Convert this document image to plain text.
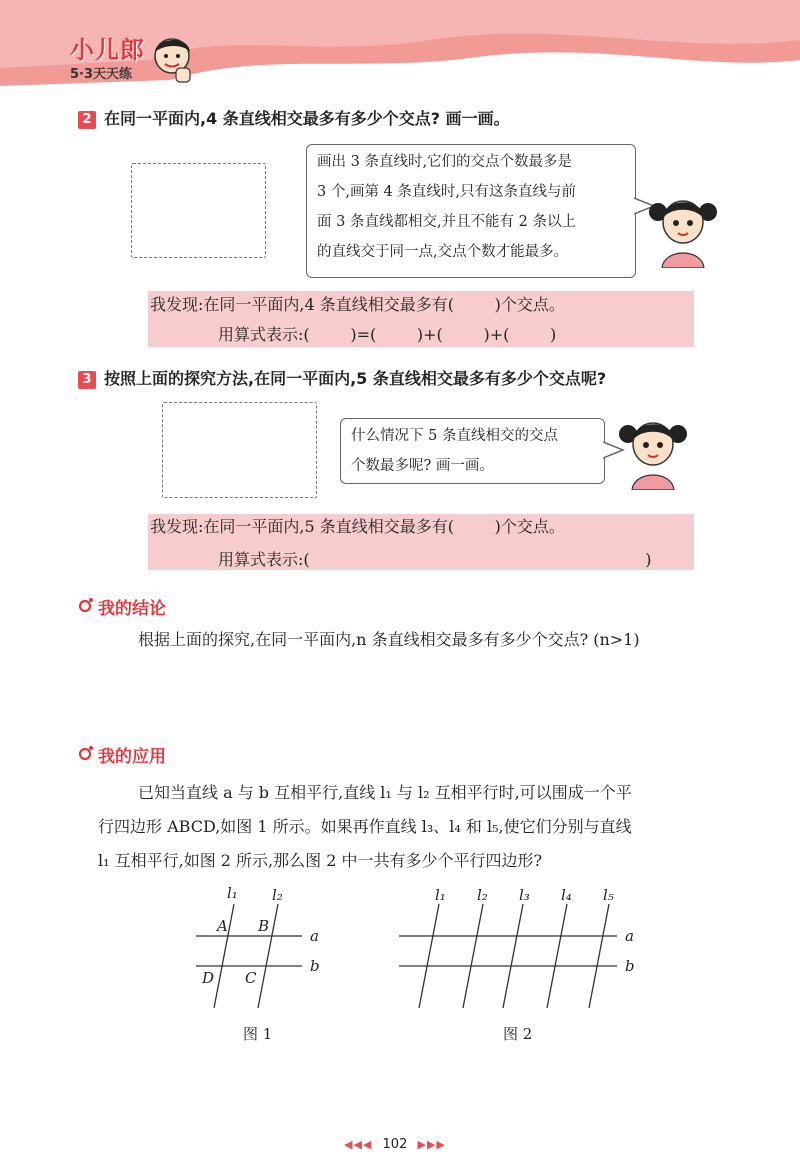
小儿郎
5·3天天练
2 在同一平面内,4 条直线相交最多有多少个交点? 画一画。
画出 3 条直线时,它们的交点个数最多是
3 个,画第 4 条直线时,只有这条直线与前
面 3 条直线都相交,并且不能有 2 条以上
的直线交于同一点,交点个数才能最多。
我发现:在同一平面内,4 条直线相交最多有(        )个交点。
用算式表示:(        )=(        )+(        )+(        )
3 按照上面的探究方法,在同一平面内,5 条直线相交最多有多少个交点呢?
什么情况下 5 条直线相交的交点
个数最多呢? 画一画。
我发现:在同一平面内,5 条直线相交最多有(        )个交点。
用算式表示:(                                                                  )
我的结论
根据上面的探究,在同一平面内,n 条直线相交最多有多少个交点? (n>1)
我的应用
已知当直线 a 与 b 互相平行,直线 l₁ 与 l₂ 互相平行时,可以围成一个平
行四边形 ABCD,如图 1 所示。如果再作直线 l₃、l₄ 和 l₅,使它们分别与直线
l₁ 互相平行,如图 2 所示,那么图 2 中一共有多少个平行四边形?
l₁ l₂
a
b
A B
D C
图 1
l₁ l₂ l₃ l₄ l₅
a
b
图 2
◀◀◀ 102 ▶▶▶
